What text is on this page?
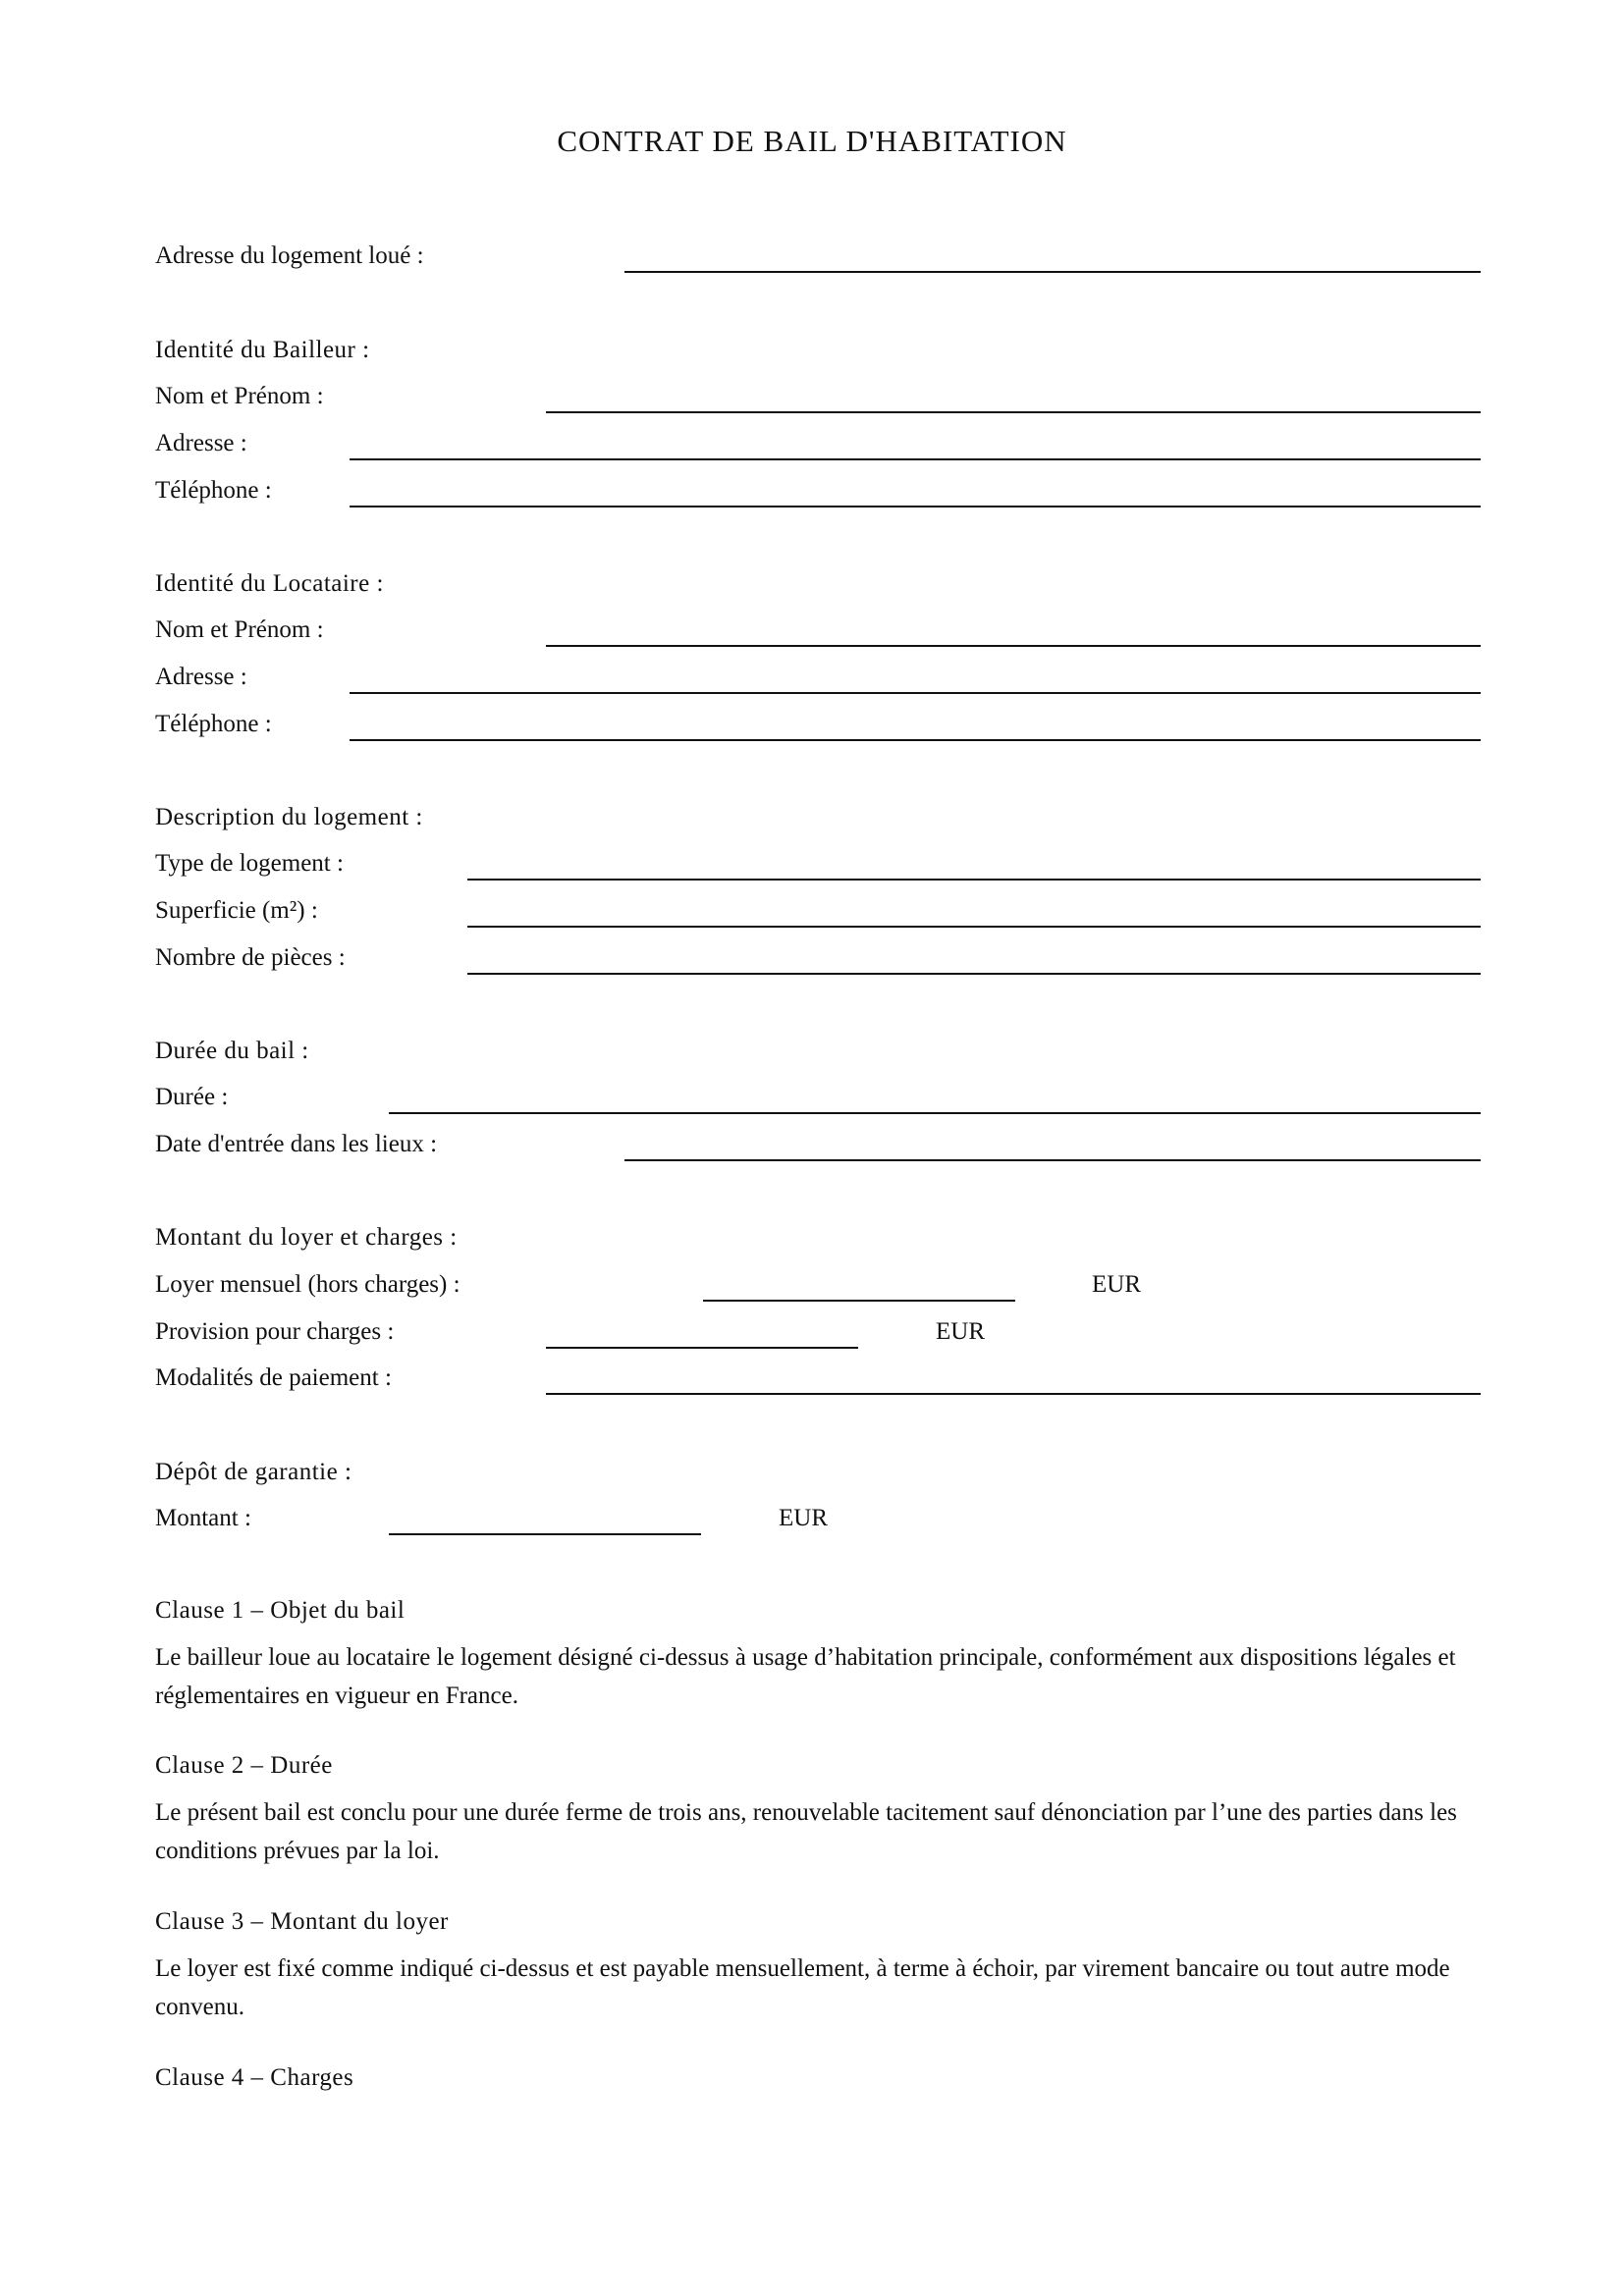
CONTRAT DE BAIL D'HABITATION
Adresse du logement loué :
Identité du Bailleur :
Nom et Prénom :
Adresse :
Téléphone :
Identité du Locataire :
Nom et Prénom :
Adresse :
Téléphone :
Description du logement :
Type de logement :
Superficie (m²) :
Nombre de pièces :
Durée du bail :
Durée :
Date d'entrée dans les lieux :
Montant du loyer et charges :
Loyer mensuel (hors charges) :	EUR
Provision pour charges :	EUR
Modalités de paiement :
Dépôt de garantie :
Montant :	EUR
Clause 1 – Objet du bail
Le bailleur loue au locataire le logement désigné ci-dessus à usage d’habitation principale, conformément aux dispositions légales et réglementaires en vigueur en France.
Clause 2 – Durée
Le présent bail est conclu pour une durée ferme de trois ans, renouvelable tacitement sauf dénonciation par l’une des parties dans les conditions prévues par la loi.
Clause 3 – Montant du loyer
Le loyer est fixé comme indiqué ci-dessus et est payable mensuellement, à terme à échoir, par virement bancaire ou tout autre mode convenu.
Clause 4 – Charges
